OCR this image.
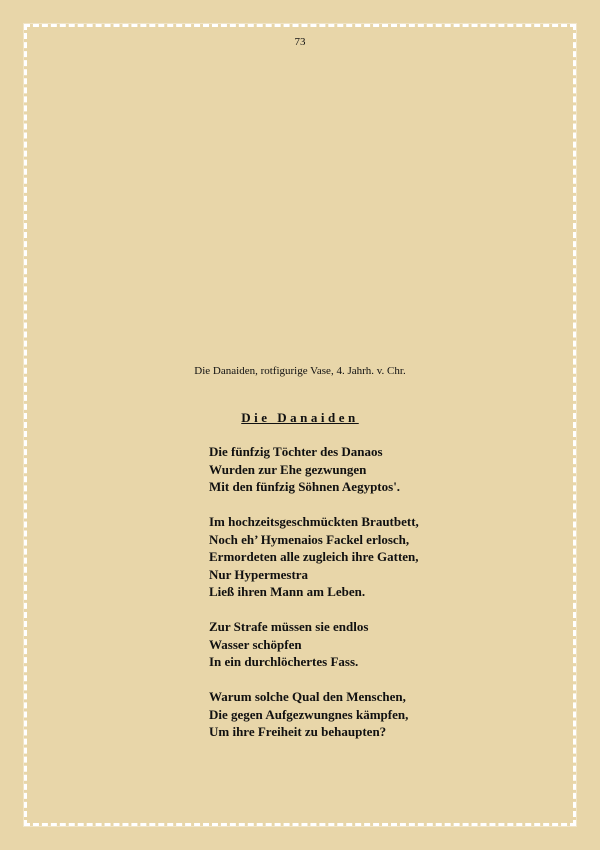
73
Die Danaiden, rotfigurige Vase, 4. Jahrh. v. Chr.
Die Danaiden
Die fünfzig Töchter des Danaos
Wurden zur Ehe gezwungen
Mit den fünfzig Söhnen Aegyptos'.
Im hochzeitsgeschmückten Brautbett,
Noch eh’ Hymenaios Fackel erlosch,
Ermordeten alle zugleich ihre Gatten,
Nur Hypermestra
Ließ ihren Mann am Leben.
Zur Strafe müssen sie endlos
Wasser schöpfen
In ein durchlöchertes Fass.
Warum solche Qual den Menschen,
Die gegen Aufgezwungnes kämpfen,
Um ihre Freiheit zu behaupten?
